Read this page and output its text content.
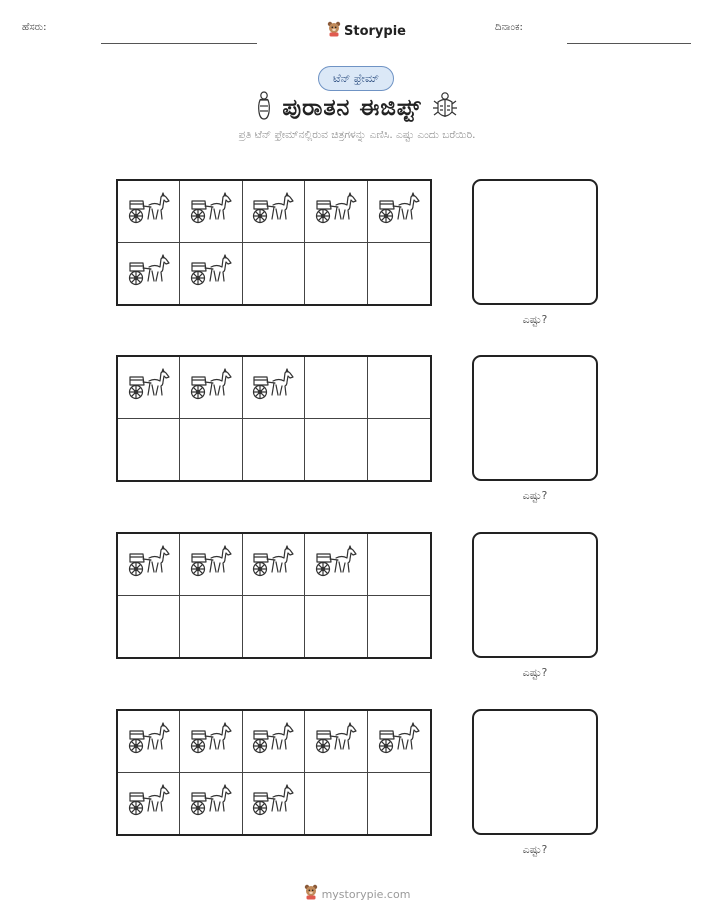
ಹೆಸರು:	Storypie	ದಿನಾಂಕ:
ಟೆನ್ ಫ್ರೇಮ್
ಪುರಾತನ ಈಜಿಪ್ಟ್
ಪ್ರತಿ ಟೆನ್ ಫ್ರೇಮ್‌ನಲ್ಲಿರುವ ಚಿತ್ರಗಳನ್ನು ಎಣಿಸಿ. ಎಷ್ಟು ಎಂದು ಬರೆಯಿರಿ.
ಎಷ್ಟು?
ಎಷ್ಟು?
ಎಷ್ಟು?
ಎಷ್ಟು?
mystorypie.com
